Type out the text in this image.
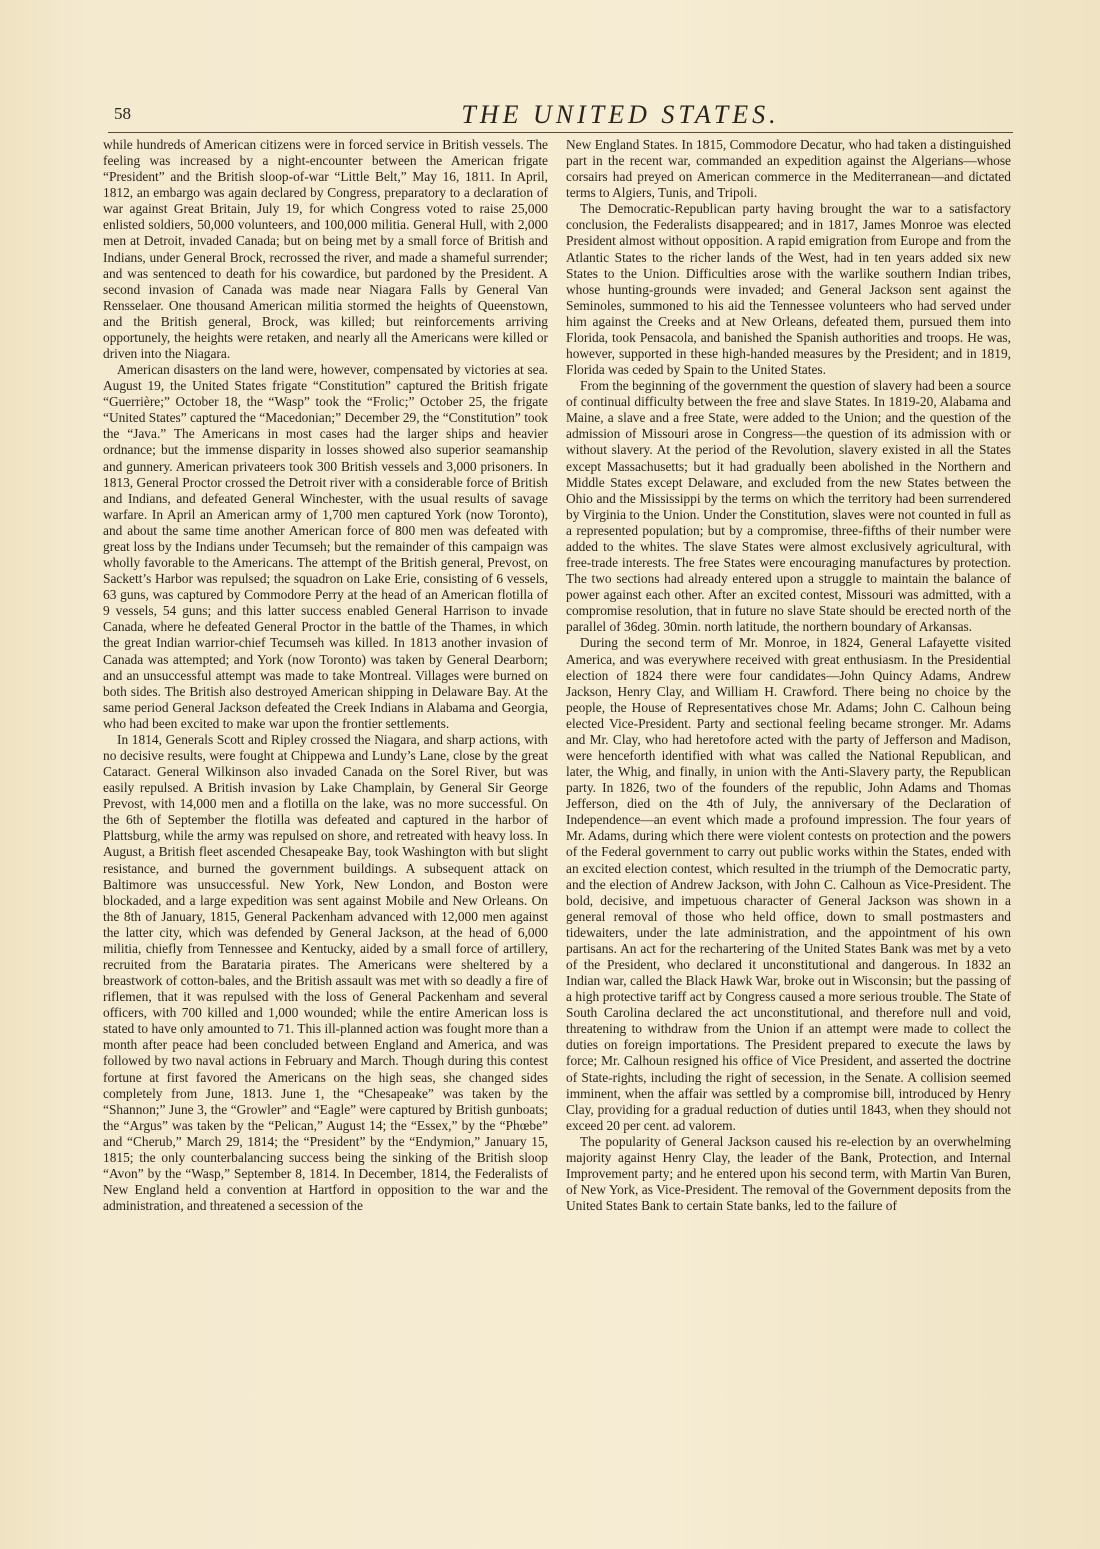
58	THE UNITED STATES.

while hundreds of American citizens were in forced service in British vessels. The feeling was increased by a night-encounter between the American frigate “President” and the British sloop-of-war “Little Belt,” May 16, 1811. In April, 1812, an embargo was again declared by Congress, preparatory to a declaration of war against Great Britain, July 19, for which Congress voted to raise 25,000 enlisted soldiers, 50,000 volunteers, and 100,000 militia. General Hull, with 2,000 men at Detroit, invaded Canada; but on being met by a small force of British and Indians, under General Brock, recrossed the river, and made a shameful surrender; and was sentenced to death for his cowardice, but pardoned by the President. A second invasion of Canada was made near Niagara Falls by General Van Rensselaer. One thousand American militia stormed the heights of Queenstown, and the British general, Brock, was killed; but reinforcements arriving opportunely, the heights were retaken, and nearly all the Americans were killed or driven into the Niagara.

American disasters on the land were, however, compensated by victories at sea. August 19, the United States frigate “Constitution” captured the British frigate “Guerrière;” October 18, the “Wasp” took the “Frolic;” October 25, the frigate “United States” captured the “Macedonian;” December 29, the “Constitution” took the “Java.” The Americans in most cases had the larger ships and heavier ordnance; but the immense disparity in losses showed also superior seamanship and gunnery. American privateers took 300 British vessels and 3,000 prisoners. In 1813, General Proctor crossed the Detroit river with a considerable force of British and Indians, and defeated General Winchester, with the usual results of savage warfare. In April an American army of 1,700 men captured York (now Toronto), and about the same time another American force of 800 men was defeated with great loss by the Indians under Tecumseh; but the remainder of this campaign was wholly favorable to the Americans. The attempt of the British general, Prevost, on Sackett’s Harbor was repulsed; the squadron on Lake Erie, consisting of 6 vessels, 63 guns, was captured by Commodore Perry at the head of an American flotilla of 9 vessels, 54 guns; and this latter success enabled General Harrison to invade Canada, where he defeated General Proctor in the battle of the Thames, in which the great Indian warrior-chief Tecumseh was killed. In 1813 another invasion of Canada was attempted; and York (now Toronto) was taken by General Dearborn; and an unsuccessful attempt was made to take Montreal. Villages were burned on both sides. The British also destroyed American shipping in Delaware Bay. At the same period General Jackson defeated the Creek Indians in Alabama and Georgia, who had been excited to make war upon the frontier settlements.

In 1814, Generals Scott and Ripley crossed the Niagara, and sharp actions, with no decisive results, were fought at Chippewa and Lundy’s Lane, close by the great Cataract. General Wilkinson also invaded Canada on the Sorel River, but was easily repulsed. A British invasion by Lake Champlain, by General Sir George Prevost, with 14,000 men and a flotilla on the lake, was no more successful. On the 6th of September the flotilla was defeated and captured in the harbor of Plattsburg, while the army was repulsed on shore, and retreated with heavy loss. In August, a British fleet ascended Chesapeake Bay, took Washington with but slight resistance, and burned the government buildings. A subsequent attack on Baltimore was unsuccessful. New York, New London, and Boston were blockaded, and a large expedition was sent against Mobile and New Orleans. On the 8th of January, 1815, General Packenham advanced with 12,000 men against the latter city, which was defended by General Jackson, at the head of 6,000 militia, chiefly from Tennessee and Kentucky, aided by a small force of artillery, recruited from the Barataria pirates. The Americans were sheltered by a breastwork of cotton-bales, and the British assault was met with so deadly a fire of riflemen, that it was repulsed with the loss of General Packenham and several officers, with 700 killed and 1,000 wounded; while the entire American loss is stated to have only amounted to 71. This ill-planned action was fought more than a month after peace had been concluded between England and America, and was followed by two naval actions in February and March. Though during this contest fortune at first favored the Americans on the high seas, she changed sides completely from June, 1813. June 1, the “Chesapeake” was taken by the “Shannon;” June 3, the “Growler” and “Eagle” were captured by British gunboats; the “Argus” was taken by the “Pelican,” August 14; the “Essex,” by the “Phœbe” and “Cherub,” March 29, 1814; the “President” by the “Endymion,” January 15, 1815; the only counterbalancing success being the sinking of the British sloop “Avon” by the “Wasp,” September 8, 1814. In December, 1814, the Federalists of New England held a convention at Hartford in opposition to the war and the administration, and threatened a secession of the

New England States. In 1815, Commodore Decatur, who had taken a distinguished part in the recent war, commanded an expedition against the Algerians—whose corsairs had preyed on American commerce in the Mediterranean—and dictated terms to Algiers, Tunis, and Tripoli.

The Democratic-Republican party having brought the war to a satisfactory conclusion, the Federalists disappeared; and in 1817, James Monroe was elected President almost without opposition. A rapid emigration from Europe and from the Atlantic States to the richer lands of the West, had in ten years added six new States to the Union. Difficulties arose with the warlike southern Indian tribes, whose hunting-grounds were invaded; and General Jackson sent against the Seminoles, summoned to his aid the Tennessee volunteers who had served under him against the Creeks and at New Orleans, defeated them, pursued them into Florida, took Pensacola, and banished the Spanish authorities and troops. He was, however, supported in these high-handed measures by the President; and in 1819, Florida was ceded by Spain to the United States.

From the beginning of the government the question of slavery had been a source of continual difficulty between the free and slave States. In 1819-20, Alabama and Maine, a slave and a free State, were added to the Union; and the question of the admission of Missouri arose in Congress—the question of its admission with or without slavery. At the period of the Revolution, slavery existed in all the States except Massachusetts; but it had gradually been abolished in the Northern and Middle States except Delaware, and excluded from the new States between the Ohio and the Mississippi by the terms on which the territory had been surrendered by Virginia to the Union. Under the Constitution, slaves were not counted in full as a represented population; but by a compromise, three-fifths of their number were added to the whites. The slave States were almost exclusively agricultural, with free-trade interests. The free States were encouraging manufactures by protection. The two sections had already entered upon a struggle to maintain the balance of power against each other. After an excited contest, Missouri was admitted, with a compromise resolution, that in future no slave State should be erected north of the parallel of 36deg. 30min. north latitude, the northern boundary of Arkansas.

During the second term of Mr. Monroe, in 1824, General Lafayette visited America, and was everywhere received with great enthusiasm. In the Presidential election of 1824 there were four candidates—John Quincy Adams, Andrew Jackson, Henry Clay, and William H. Crawford. There being no choice by the people, the House of Representatives chose Mr. Adams; John C. Calhoun being elected Vice-President. Party and sectional feeling became stronger. Mr. Adams and Mr. Clay, who had heretofore acted with the party of Jefferson and Madison, were henceforth identified with what was called the National Republican, and later, the Whig, and finally, in union with the Anti-Slavery party, the Republican party. In 1826, two of the founders of the republic, John Adams and Thomas Jefferson, died on the 4th of July, the anniversary of the Declaration of Independence—an event which made a profound impression. The four years of Mr. Adams, during which there were violent contests on protection and the powers of the Federal government to carry out public works within the States, ended with an excited election contest, which resulted in the triumph of the Democratic party, and the election of Andrew Jackson, with John C. Calhoun as Vice-President. The bold, decisive, and impetuous character of General Jackson was shown in a general removal of those who held office, down to small postmasters and tidewaiters, under the late administration, and the appointment of his own partisans. An act for the rechartering of the United States Bank was met by a veto of the President, who declared it unconstitutional and dangerous. In 1832 an Indian war, called the Black Hawk War, broke out in Wisconsin; but the passing of a high protective tariff act by Congress caused a more serious trouble. The State of South Carolina declared the act unconstitutional, and therefore null and void, threatening to withdraw from the Union if an attempt were made to collect the duties on foreign importations. The President prepared to execute the laws by force; Mr. Calhoun resigned his office of Vice President, and asserted the doctrine of State-rights, including the right of secession, in the Senate. A collision seemed imminent, when the affair was settled by a compromise bill, introduced by Henry Clay, providing for a gradual reduction of duties until 1843, when they should not exceed 20 per cent. ad valorem.

The popularity of General Jackson caused his re-election by an overwhelming majority against Henry Clay, the leader of the Bank, Protection, and Internal Improvement party; and he entered upon his second term, with Martin Van Buren, of New York, as Vice-President. The removal of the Government deposits from the United States Bank to certain State banks, led to the failure of
